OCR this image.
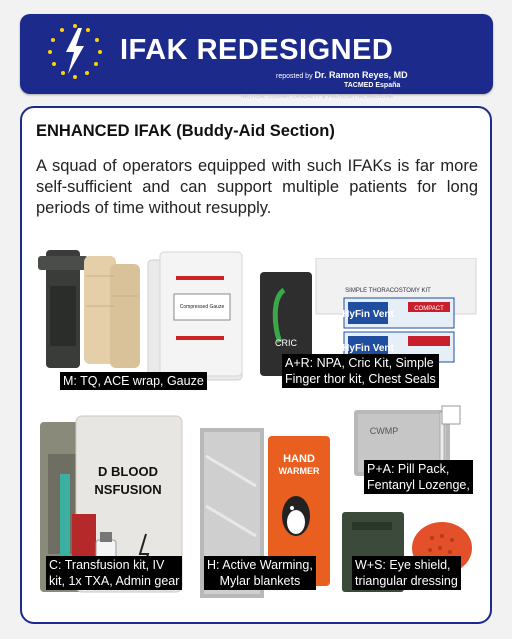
IFAK REDESIGNED
reposted by Dr. Ramon Reyes, MD
TACMED España
TACTICAL COMBAT CASUALTY & PREHOSPITAL MEDICINE
ENHANCED IFAK (Buddy-Aid Section)
A squad of operators equipped with such IFAKs is far more self-sufficient and can support multiple patients for long periods of time without resupply.
Compressed Gauze
M: TQ, ACE wrap, Gauze
SIMPLE THORACOSTOMY KIT
CRIC
HyFin Vent	COMPACT
HyFin Vent
A+R: NPA, Cric Kit, Simple
Finger thor kit, Chest Seals
D BLOOD
NSFUSION
C: Transfusion kit, IV
kit, 1x TXA, Admin gear
HAND
WARMER
H: Active Warming,
Mylar blankets
CWMP
P+A: Pill Pack,
Fentanyl Lozenge,
W+S: Eye shield,
triangular dressing
